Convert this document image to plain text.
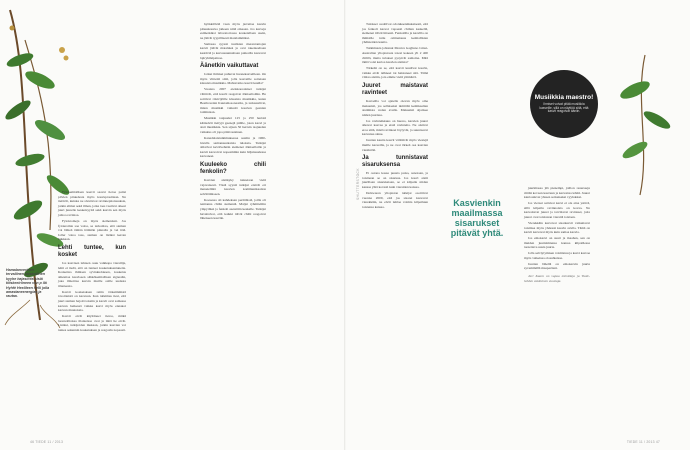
Hamalanverinen tervaliinen kirskoliinen kyyhe hajasiittis sisiä tiitskeeiriineen vón p ilä Hyhfè Heelileen helli jolla amastaneenergiaa ja rautaa.

Fytokemiallisen kaavit saavat tietoa paitsi pilvien pituudesta myös kasvuprasittaan. Ne tietävät, kuinka ne sivuttavat ravinnepitoisuuksia, jotkin elimet sekä ilman, jotka taas vaativat oikeat juuri juurelle keskeisyyttä sekä kasvin sen myös johtoa ravintoa.

Fytokromeja on myös siemenissä. Jos fytokromia saa valoa, se tarkoittaa, että siemen voi lähteä tämän itämään pinnalla ja vei itää. Joller valoa taas, siemen on lisäksi kerran hukkaan.

Lehti tuntee, kun kosket

Jos kasvisen lehteen osuu vaikkapa vierailija, lehti ei tiedä, että on tunteet kosketuksentuneita. Koskettaa ihmisen syvinkudoksen, kosketus aiheuttaa kasviseen sähkökemiallisen signaalin, joka ilmoittaa kasvin muille osille uudesta tilanteesta.

Kasvit kosketaksen reitin tärkeimmistä tavoitteistä on kasvuun. Kun tutkimus tiesi, että juuri siemen hajotti toksiin ja kasvit ovat samassa kasvun hetkessä vaikka kasvi myös ennakoi kasvun muutoksia.

Kasvit eivät käyttäneet tietoa, mitkä luonnollisissa tilanteissa ovat ja mitä he eivät. Lisäksi, tutkijoiden mukaan, jotkin kasvien voi tuntea sekunnin kosketuksen ja reagoida nopeasti.

hyökkäävää vaan myös jarruttaa kasvin pituuskasvua jatkaen niitä oikeaan. Jos kasveja esimerkiksi laboratoriossa kosketellaan usein, ne jäävät tyypillisesti matalammiksi.

Samassa syyssä tuulisten merenrantojen kasvit jäävät matalaksi ja ovat rakenteeltaan kestäviä ja kasvusuunnaltaan paikoilla kasvavat lajiryhmäpainoa.

Äänetkin vaikuttavat

Jotkut ihmiset puhuvat huonekasveilleen. On myös viitteitä siitä, jolla kasveille soitetaan klassista musiikkia. Mahtavatko kasvit kuulla?

Vuonna 2007 etelakorealaiset tutkijat väittivät, että kasvit reagoivat ääniaaltoihin. He soittivat riisivijöille klassista musiikkia, kuten Beethovenin Kuutamosonaattia, ja tarkastelivat, miten musiikki vaikutti kasvien geenien toimintaan.

Musiikin taajuudet 125 ja 250 hertsiä käänsivät tiettyjä geenejä päälle, joten kasvi ja aisti musiikkia. Sen sijaan 50 hertsin taajuuden vaikutus oli jopa päinvastainen.

Kanadalaistutkimuksessa saatiin ja 1960-luvulla samansuuntaisia tuloksia. Tutkijat altistivat kevätvehnän siemenet ääniaalloille ja kasvit kasvoivat nopeammin kuin hiljaisuudessa kasvaneet.

Kuuleeko chili fenkolin?

Kasvien aistikyky tunnetaan vielä vajavaisesti. Tästä syystä tutkijat etsivät eri menetelmiä kasvien kommunikaation selvittämiseen.

Koesessa oli kahdeksan perättäistä, joilla oli tenttanna chilin siemeniä. Maljat ryhmiteltiin ympyräksi ja fenkoli asetettiin keskelle. Tutkijat havaitsivat, että kaikki itävät chilit reagoivat läheiseen kasviin.

SHUTTERSTOCK

Tulokset osoittivat odotuksenmukaisesti, että jos fenkoli kasvoi vapaasti chilien keskellä, siemenet itävät hitaasti. Fenkolilla ja kasvilla on ihmisille tuttu ominaisuus kemiallisten yhdisteiden kautta.

Tutkimusta johtanut Monica Gagliano Länsi-Australian yliopistosta totesi kokeen yli 2 400 chililä, mutta tulokset pysyivät samoina. Mitä tämä voisi kertoa kasvien aistista?

Tärkeää on se, että kasvit kuulivat kasvin, vaikka eivät nähneet tai haistaneet sitä. Tämä viittaa aistiin, jota emme vielä ymmärrä.

Juuret maistavat ravinteet

Kasveilla voi ajatella olevan myös oma makuaisti, jos sellaiseksi nimittää kemikaalien aistimista veden avulla. Makuaisti sijaitsee niiden juurissa.

Jos ravinteikkuus on huono, kasvien juuret alkavat kasvaa ja etsiä ravinteita. Ne aistivat eroa siitä, mistä ravinteet löytyvät, ja suuntaavat kasvunsa sinne.

Juurten kautta kasvit välittävät myös viestejä muille kasveille, ja ne ovat tärkeä osa kasvien viestintää.

Ja tunnistavat sisaruksensa

Et ostona kasaa puusta putsa, sanotaan, ja toisinaan se on sisaruus. Jos kasvi aistii juurillaan sisaruksiaan, se ei kilpaile niiden kanssa yhtä kovasti kuin vieraiden kanssa.

Delawaren yliopiston tutkijat osoittivat vuonna 2009, että jos sisaret kasvavat vierekkäin, ne eivät tuhlaa voimia kilpailuun toistensa kanssa.	Kasvienkin maailmassa sisarukset pitävät yhtä.
Musiikkia maestro!
Ihmiset voivat pitää musiikkia kasveille, sillä on näyttöä siitä, että kasvit reagoivat ääniin.

juurimassa jää pienempi, joillon resursseja riittää kovaan kasvuun ja kasvattaa lehtiä. Juuret kiertoutuvat yhteen sotkuiseksi vyyhdeksi.

Jos vieraat sattuvat kasvi ei ole aina ystävä, sillä kilpailu ravinnoista on kovaa. Ne kasvattavat juuret ja tarvittavat ravinteet, jotta juuret ovat toisistaan vieraitä toistaan.

Vierekkäin kasvavat sisarkasvit vaikuttavat toisiinsa myös yhdessä kasvin avulla. Tämä on kasvit kasvavat myös kuin samaa kasvia.

Jos emokasvi on suurt ja maahan, sen on muiden juurisimiensa kanssa kilpaillessa tuotettava uusia juuria.

Jolla selviytymisen voimistuu ja kasvi kasvaa myös vaikeissa olosuhteissa.

Juurten lähellä on emokasvin juuria syvemmällä maaperässä.

Jari Kaaro on vapaa toimittaja ja Tiede-lehden vakituinen avustaja.

46 TIEDE 11 / 2013	TIEDE 11 / 2013 47
